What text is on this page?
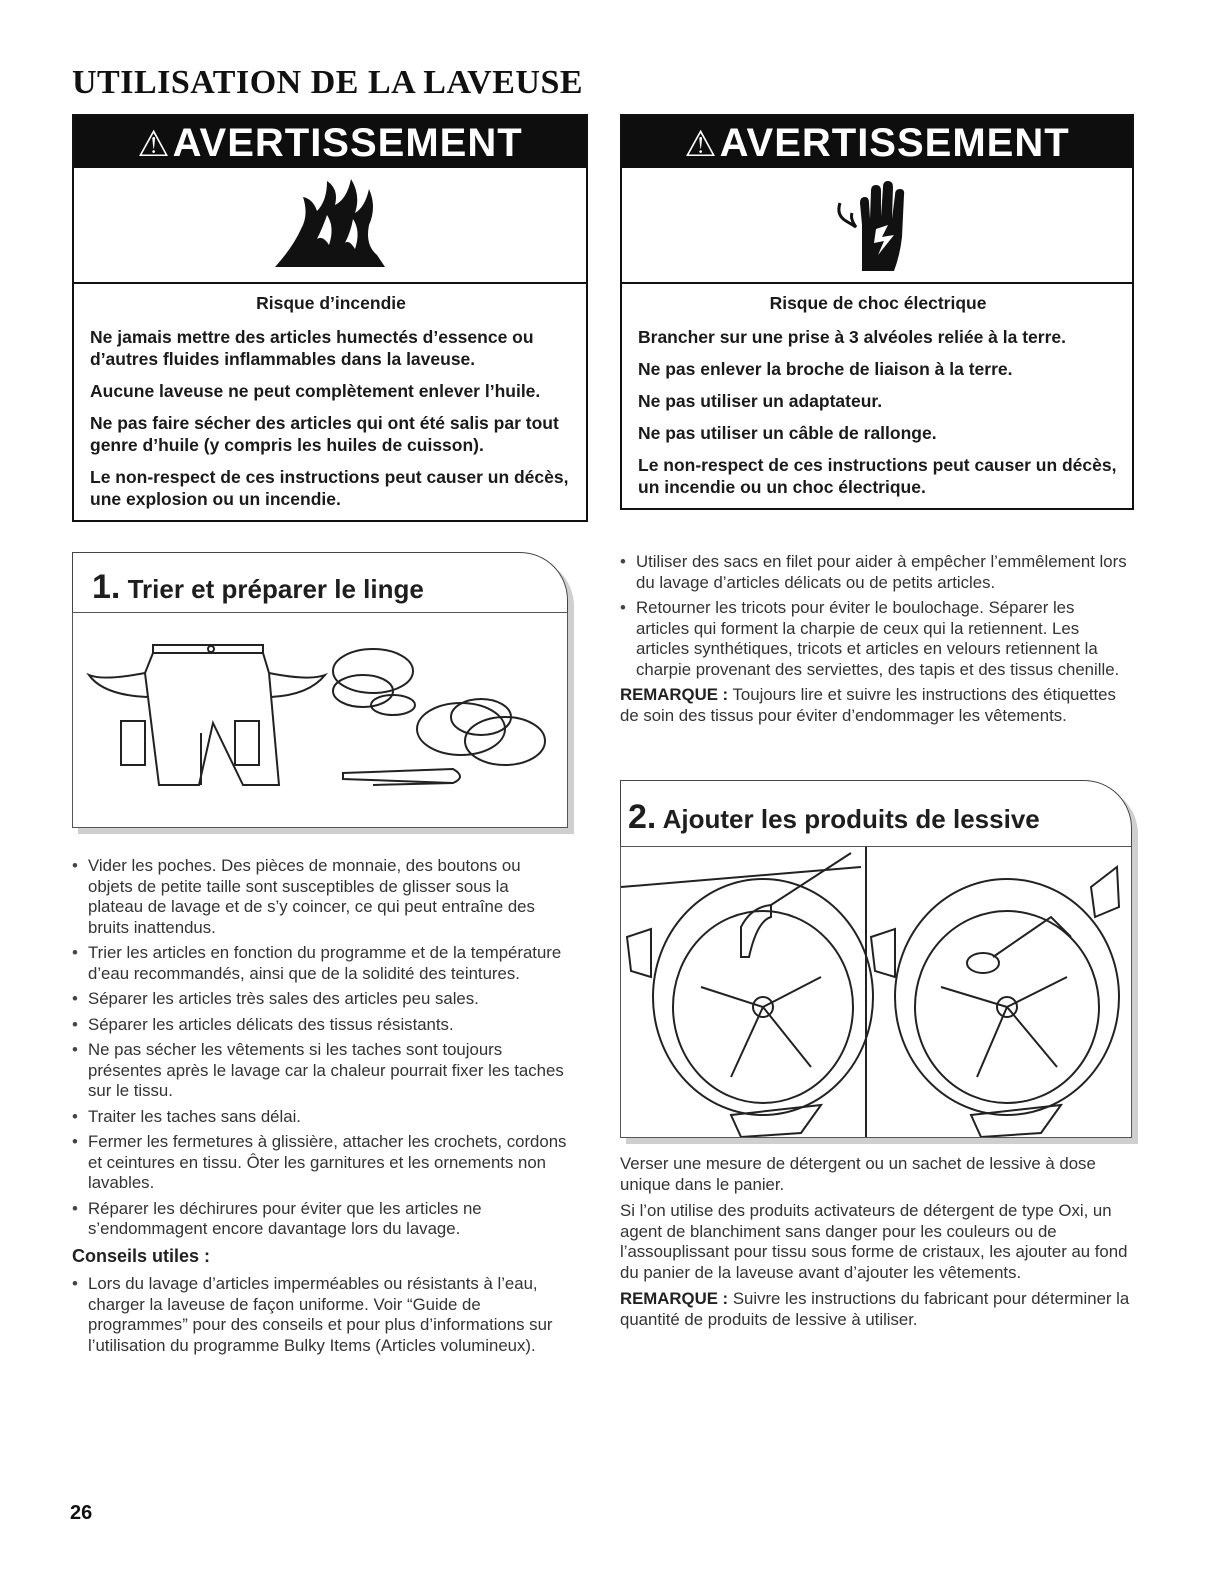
UTILISATION DE LA LAVEUSE
⚠AVERTISSEMENT

Risque d’incendie

Ne jamais mettre des articles humectés d’essence ou d’autres fluides inflammables dans la laveuse.

Aucune laveuse ne peut complètement enlever l’huile.

Ne pas faire sécher des articles qui ont été salis par tout genre d’huile (y compris les huiles de cuisson).

Le non-respect de ces instructions peut causer un décès, une explosion ou un incendie.

⚠AVERTISSEMENT

Risque de choc électrique

Brancher sur une prise à 3 alvéoles reliée à la terre.

Ne pas enlever la broche de liaison à la terre.

Ne pas utiliser un adaptateur.

Ne pas utiliser un câble de rallonge.

Le non-respect de ces instructions peut causer un décès, un incendie ou un choc électrique.

1. Trier et préparer le linge
• Vider les poches. Des pièces de monnaie, des boutons ou objets de petite taille sont susceptibles de glisser sous la plateau de lavage et de s’y coincer, ce qui peut entraîne des bruits inattendus.
• Trier les articles en fonction du programme et de la température d’eau recommandés, ainsi que de la solidité des teintures.
• Séparer les articles très sales des articles peu sales.
• Séparer les articles délicats des tissus résistants.
• Ne pas sécher les vêtements si les taches sont toujours présentes après le lavage car la chaleur pourrait fixer les taches sur le tissu.
• Traiter les taches sans délai.
• Fermer les fermetures à glissière, attacher les crochets, cordons et ceintures en tissu. Ôter les garnitures et les ornements non lavables.
• Réparer les déchirures pour éviter que les articles ne s’endommagent encore davantage lors du lavage.
Conseils utiles :
• Lors du lavage d’articles imperméables ou résistants à l’eau, charger la laveuse de façon uniforme. Voir “Guide de programmes” pour des conseils et pour plus d’informations sur l’utilisation du programme Bulky Items (Articles volumineux).
• Utiliser des sacs en filet pour aider à empêcher l’emmêlement lors du lavage d’articles délicats ou de petits articles.
• Retourner les tricots pour éviter le boulochage. Séparer les articles qui forment la charpie de ceux qui la retiennent. Les articles synthétiques, tricots et articles en velours retiennent la charpie provenant des serviettes, des tapis et des tissus chenille.

REMARQUE : Toujours lire et suivre les instructions des étiquettes de soin des tissus pour éviter d’endommager les vêtements.

2. Ajouter les produits de lessive

Verser une mesure de détergent ou un sachet de lessive à dose unique dans le panier.

Si l’on utilise des produits activateurs de détergent de type Oxi, un agent de blanchiment sans danger pour les couleurs ou de l’assouplissant pour tissu sous forme de cristaux, les ajouter au fond du panier de la laveuse avant d’ajouter les vêtements.

REMARQUE : Suivre les instructions du fabricant pour déterminer la quantité de produits de lessive à utiliser.

26
